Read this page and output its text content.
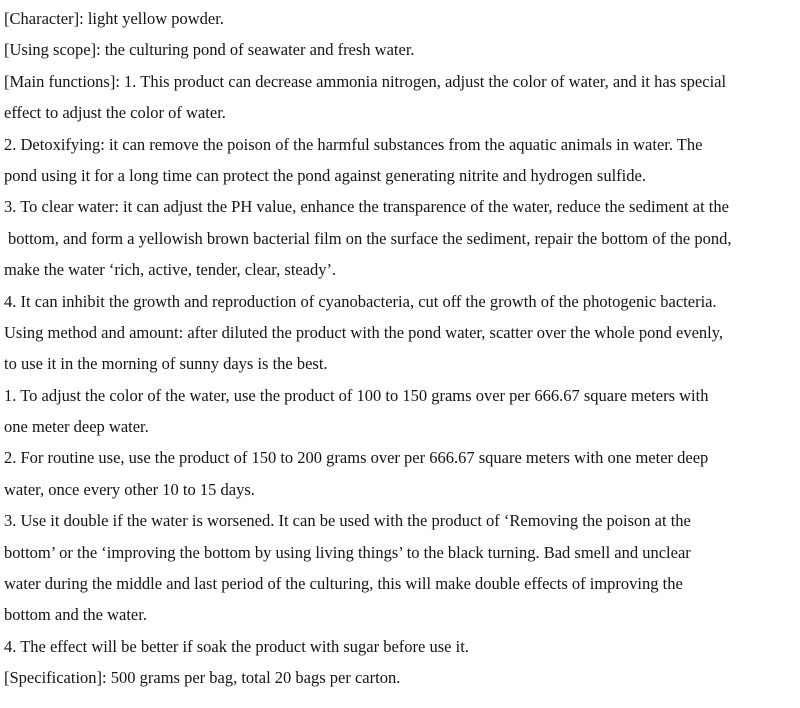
[Character]: light yellow powder.
[Using scope]: the culturing pond of seawater and fresh water.
[Main functions]: 1. This product can decrease ammonia nitrogen, adjust the color of water, and it has special
effect to adjust the color of water.
2. Detoxifying: it can remove the poison of the harmful substances from the aquatic animals in water. The
pond using it for a long time can protect the pond against generating nitrite and hydrogen sulfide.
3. To clear water: it can adjust the PH value, enhance the transparence of the water, reduce the sediment at the
bottom, and form a yellowish brown bacterial film on the surface the sediment, repair the bottom of the pond,
make the water ‘rich, active, tender, clear, steady’.
4. It can inhibit the growth and reproduction of cyanobacteria, cut off the growth of the photogenic bacteria.
Using method and amount: after diluted the product with the pond water, scatter over the whole pond evenly,
to use it in the morning of sunny days is the best.
1. To adjust the color of the water, use the product of 100 to 150 grams over per 666.67 square meters with
one meter deep water.
2. For routine use, use the product of 150 to 200 grams over per 666.67 square meters with one meter deep
water, once every other 10 to 15 days.
3. Use it double if the water is worsened. It can be used with the product of ‘Removing the poison at the
bottom’ or the ‘improving the bottom by using living things’ to the black turning. Bad smell and unclear
water during the middle and last period of the culturing, this will make double effects of improving the
bottom and the water.
4. The effect will be better if soak the product with sugar before use it.
[Specification]: 500 grams per bag, total 20 bags per carton.
